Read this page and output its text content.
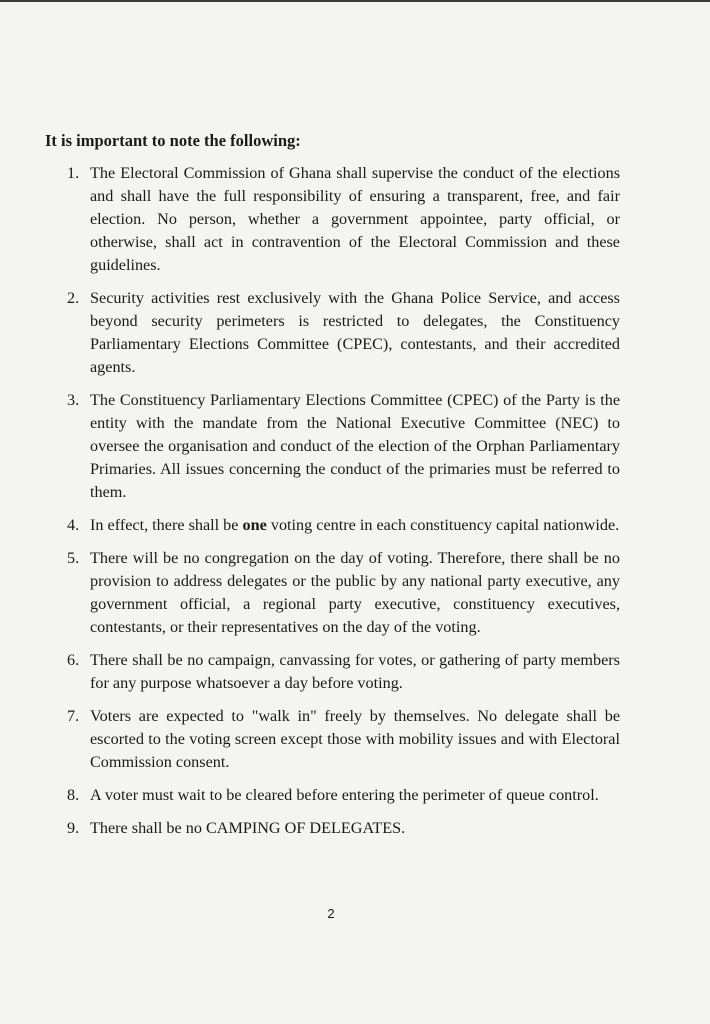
It is important to note the following:

1. The Electoral Commission of Ghana shall supervise the conduct of the elections and shall have the full responsibility of ensuring a transparent, free, and fair election. No person, whether a government appointee, party official, or otherwise, shall act in contravention of the Electoral Commission and these guidelines.
2. Security activities rest exclusively with the Ghana Police Service, and access beyond security perimeters is restricted to delegates, the Constituency Parliamentary Elections Committee (CPEC), contestants, and their accredited agents.
3. The Constituency Parliamentary Elections Committee (CPEC) of the Party is the entity with the mandate from the National Executive Committee (NEC) to oversee the organisation and conduct of the election of the Orphan Parliamentary Primaries. All issues concerning the conduct of the primaries must be referred to them.
4. In effect, there shall be one voting centre in each constituency capital nationwide.
5. There will be no congregation on the day of voting. Therefore, there shall be no provision to address delegates or the public by any national party executive, any government official, a regional party executive, constituency executives, contestants, or their representatives on the day of the voting.
6. There shall be no campaign, canvassing for votes, or gathering of party members for any purpose whatsoever a day before voting.
7. Voters are expected to "walk in" freely by themselves. No delegate shall be escorted to the voting screen except those with mobility issues and with Electoral Commission consent.
8. A voter must wait to be cleared before entering the perimeter of queue control.
9. There shall be no CAMPING OF DELEGATES.
2
